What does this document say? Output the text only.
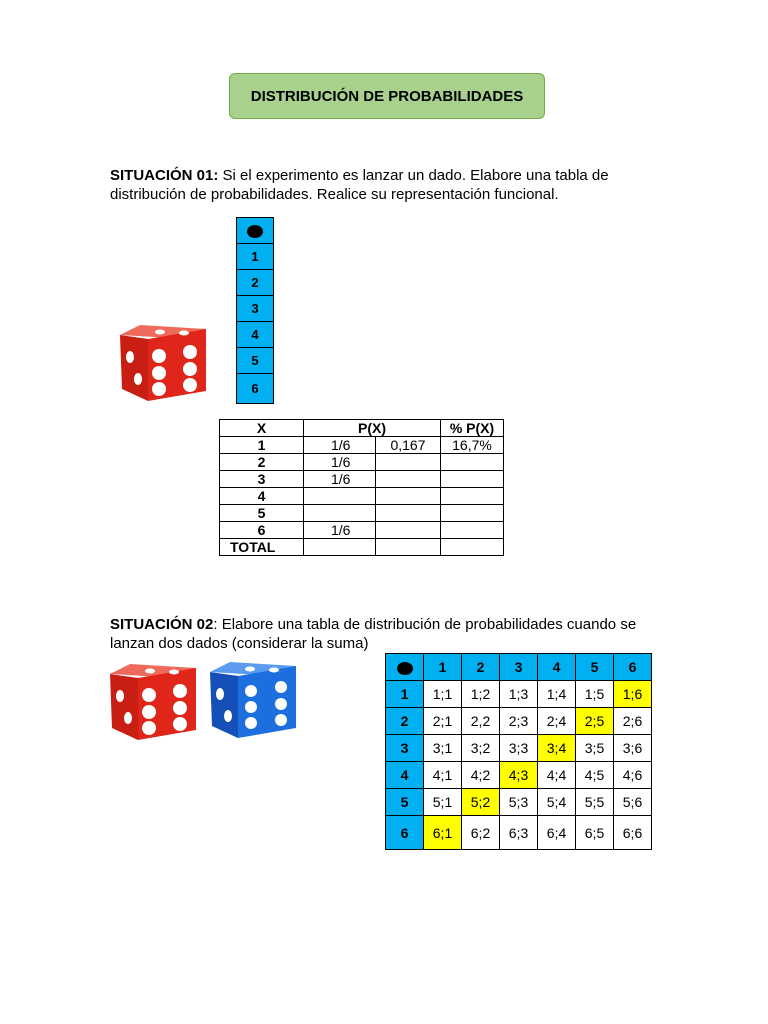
DISTRIBUCIÓN DE PROBABILIDADES
SITUACIÓN 01: Si el experimento es lanzar un dado. Elabore una tabla de distribución de probabilidades. Realice su representación funcional.

1
2
3
4
5
6
X	P(X)		% P(X)
1	1/6	0,167	16,7%
2	1/6		
3	1/6		
4			
5			
6	1/6		
TOTAL			
SITUACIÓN 02: Elabore una tabla de distribución de probabilidades cuando se lanzan dos dados (considerar la suma)
	1	2	3	4	5	6
1	1;1	1;2	1;3	1;4	1;5	1;6
2	2;1	2,2	2;3	2;4	2;5	2;6
3	3;1	3;2	3;3	3;4	3;5	3;6
4	4;1	4;2	4;3	4;4	4;5	4;6
5	5;1	5;2	5;3	5;4	5;5	5;6
6	6;1	6;2	6;3	6;4	6;5	6;6
